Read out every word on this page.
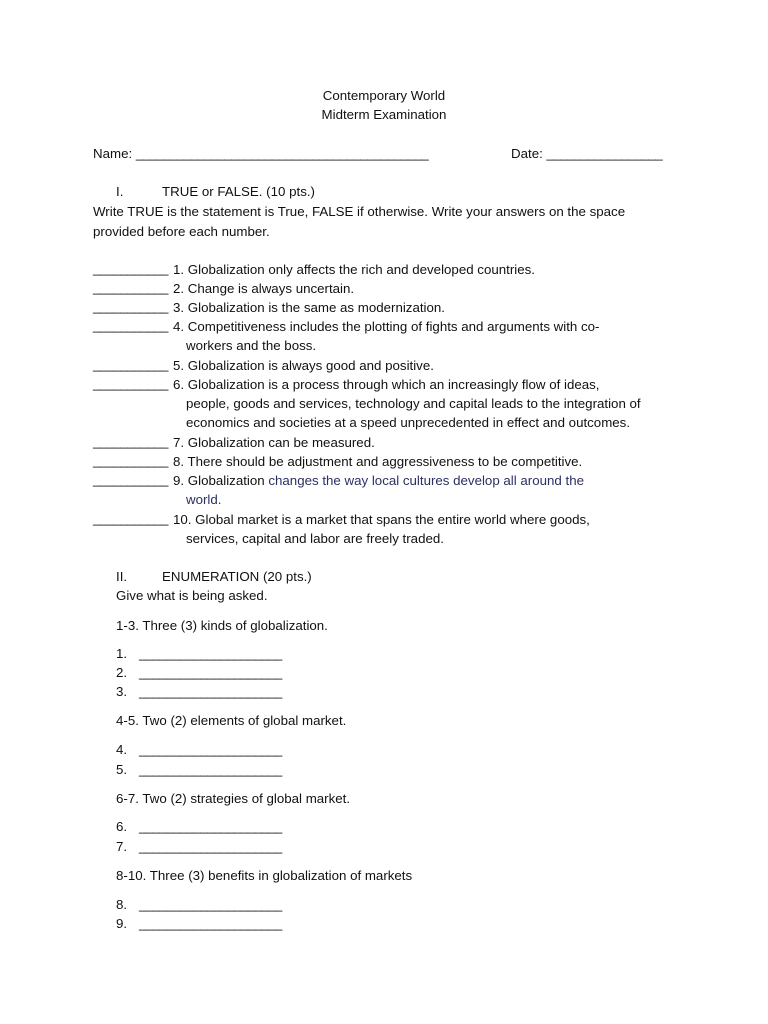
Contemporary World
Midterm Examination
Name: ___________________________________________	Date: _________________
I.	TRUE or FALSE. (10 pts.)
Write TRUE is the statement is True, FALSE if otherwise. Write your answers on the space
provided before each number.
___________ 1. Globalization only affects the rich and developed countries.
___________ 2. Change is always uncertain.
___________ 3. Globalization is the same as modernization.
___________ 4. Competitiveness includes the plotting of fights and arguments with co-
workers and the boss.
___________ 5. Globalization is always good and positive.
___________ 6. Globalization is a process through which an increasingly flow of ideas,
people, goods and services, technology and capital leads to the integration of
economics and societies at a speed unprecedented in effect and outcomes.
___________ 7. Globalization can be measured.
___________ 8. There should be adjustment and aggressiveness to be competitive.
___________ 9. Globalization changes the way local cultures develop all around the
world.
___________ 10. Global market is a market that spans the entire world where goods,
services, capital and labor are freely traded.
II.	ENUMERATION (20 pts.)
Give what is being asked.
1-3. Three (3) kinds of globalization.
1. _____________________
2. _____________________
3. _____________________
4-5. Two (2) elements of global market.
4. _____________________
5. _____________________
6-7. Two (2) strategies of global market.
6. _____________________
7. _____________________
8-10. Three (3) benefits in globalization of markets
8. _____________________
9. _____________________
